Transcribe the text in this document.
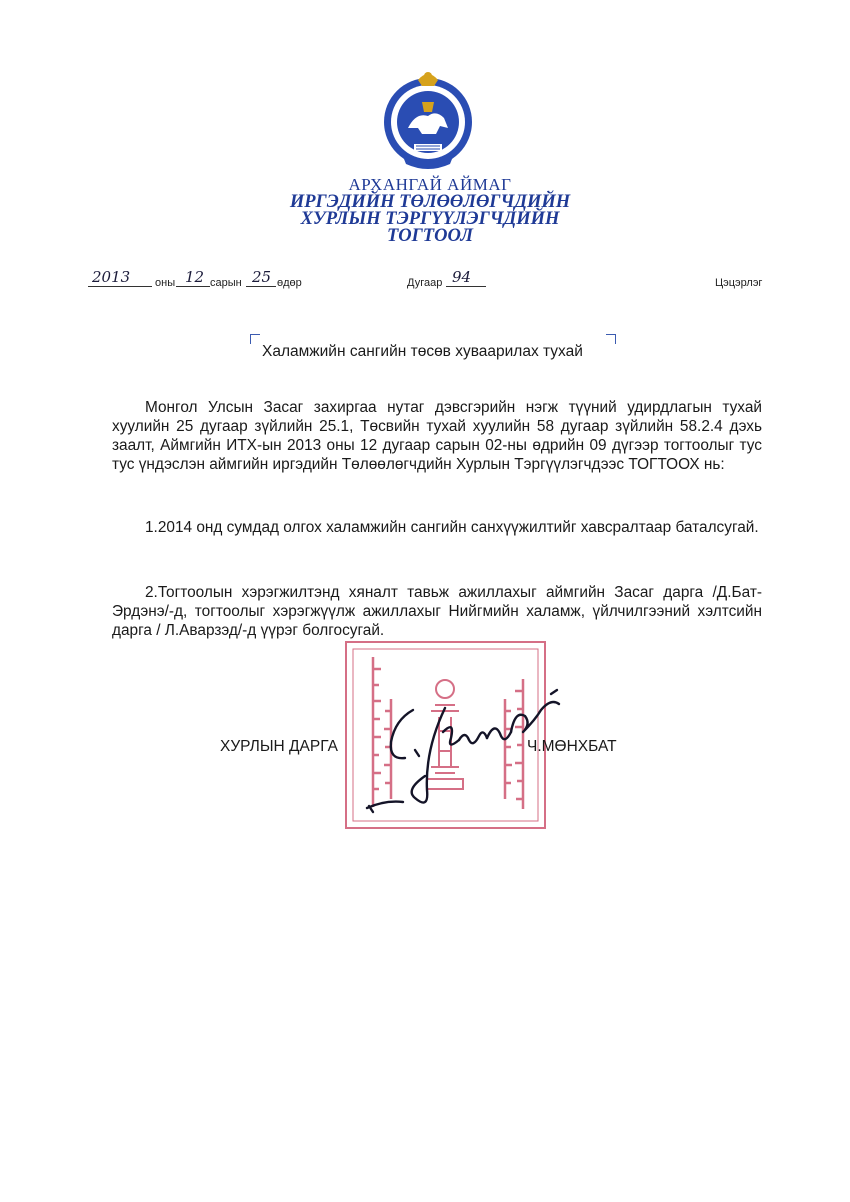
АРХАНГАЙ АЙМАГ
ИРГЭДИЙН ТӨЛӨӨЛӨГЧДИЙН
ХУРЛЫН ТЭРГҮҮЛЭГЧДИЙН
ТОГТООЛ
2013 оны 12 сарын 25 өдөр	Дугаар 94	Цэцэрлэг
Халамжийн сангийн төсөв хуваарилах тухай
Монгол Улсын Засаг захиргаа нутаг дэвсгэрийн нэгж түүний удирдлагын тухай хуулийн 25 дугаар зүйлийн 25.1, Төсвийн тухай хуулийн 58 дугаар зүйлийн 58.2.4 дэхь заалт, Аймгийн ИТХ-ын 2013 оны 12 дугаар сарын 02-ны өдрийн 09 дүгээр тогтоолыг тус тус үндэслэн аймгийн иргэдийн Төлөөлөгчдийн Хурлын Тэргүүлэгчдээс ТОГТООХ нь:
1.2014 онд сумдад олгох халамжийн сангийн санхүүжилтийг хавсралтаар баталсугай.
2.Тогтоолын хэрэгжилтэнд хяналт тавьж ажиллахыг аймгийн Засаг дарга /Д.Бат-Эрдэнэ/-д, тогтоолыг хэрэгжүүлж ажиллахыг Нийгмийн халамж, үйлчилгээний хэлтсийн дарга / Л.Аварзэд/-д үүрэг болгосугай.
ХУРЛЫН ДАРГА	Ч.МӨНХБАТ
